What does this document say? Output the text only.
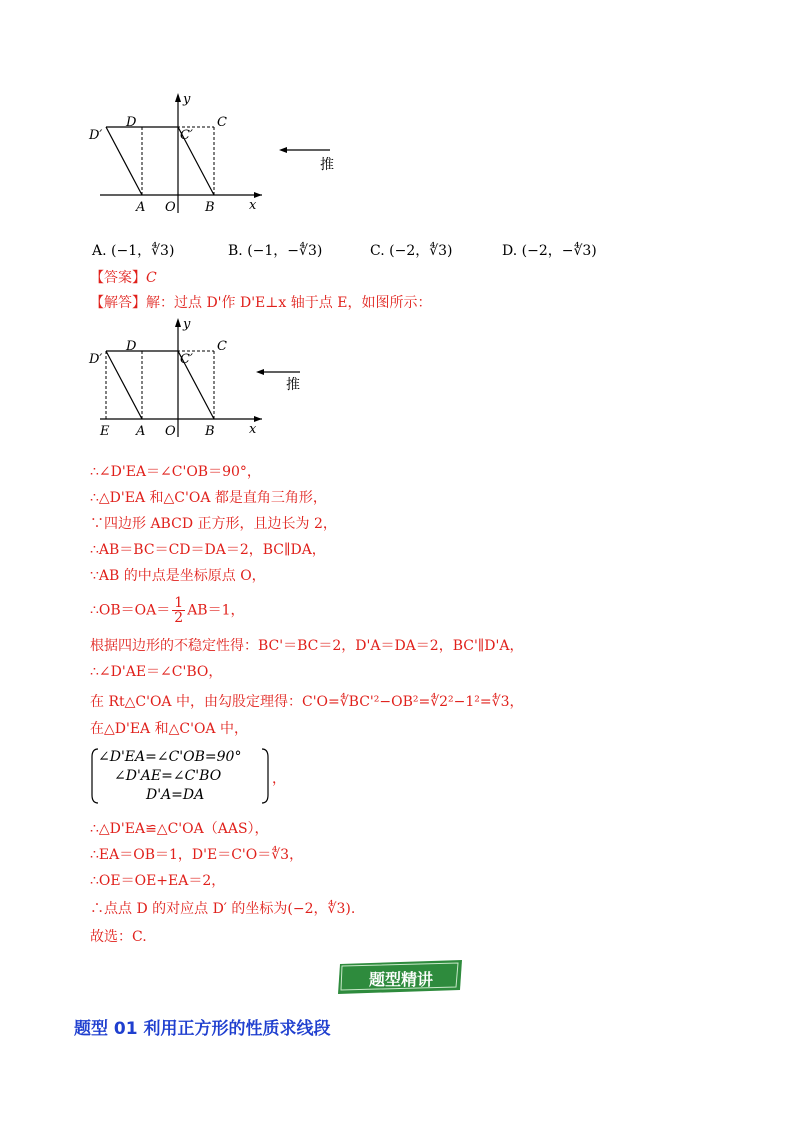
D′
D
C′
C
A O B	x
y
推
A. (−1，∜3)	B. (−1，−∜3)	C. (−2，∜3)	D. (−2，−∜3)
【答案】C
【解答】解：过点 D'作 D'E⊥x 轴于点 E，如图所示：
D′
D
C′
C
E A O B	x
y
推
∴∠D'EA＝∠C'OB＝90°，
∴△D'EA 和△C'OA 都是直角三角形，
∵四边形 ABCD 正方形，且边长为 2，
∴AB＝BC＝CD＝DA＝2，BC∥DA，
∵AB 的中点是坐标原点 O，
∴OB＝OA＝ $\frac{1}{2} AB=1$，
根据四边形的不稳定性得：BC'＝BC＝2，D'A＝DA＝2，BC'∥D'A，
∴∠D'AE＝∠C'BO，
在 Rt△C'OA 中，由勾股定理得：C'O=∜BC'²−OB²=∜2²−1²=∜3，
在△D'EA 和△C'OA 中，
∠D'EA=∠C'OB=90°
∠D'AE=∠C'BO
D'A=DA
，
∴△D'EA≌△C'OA（AAS），
∴EA＝OB＝1，D'E＝C'O＝∜3，
∴OE＝OE+EA＝2，
∴点点 D 的对应点 D′ 的坐标为(−2，∜3).
故选：C.
题型精讲
题型 01 利用正方形的性质求线段
